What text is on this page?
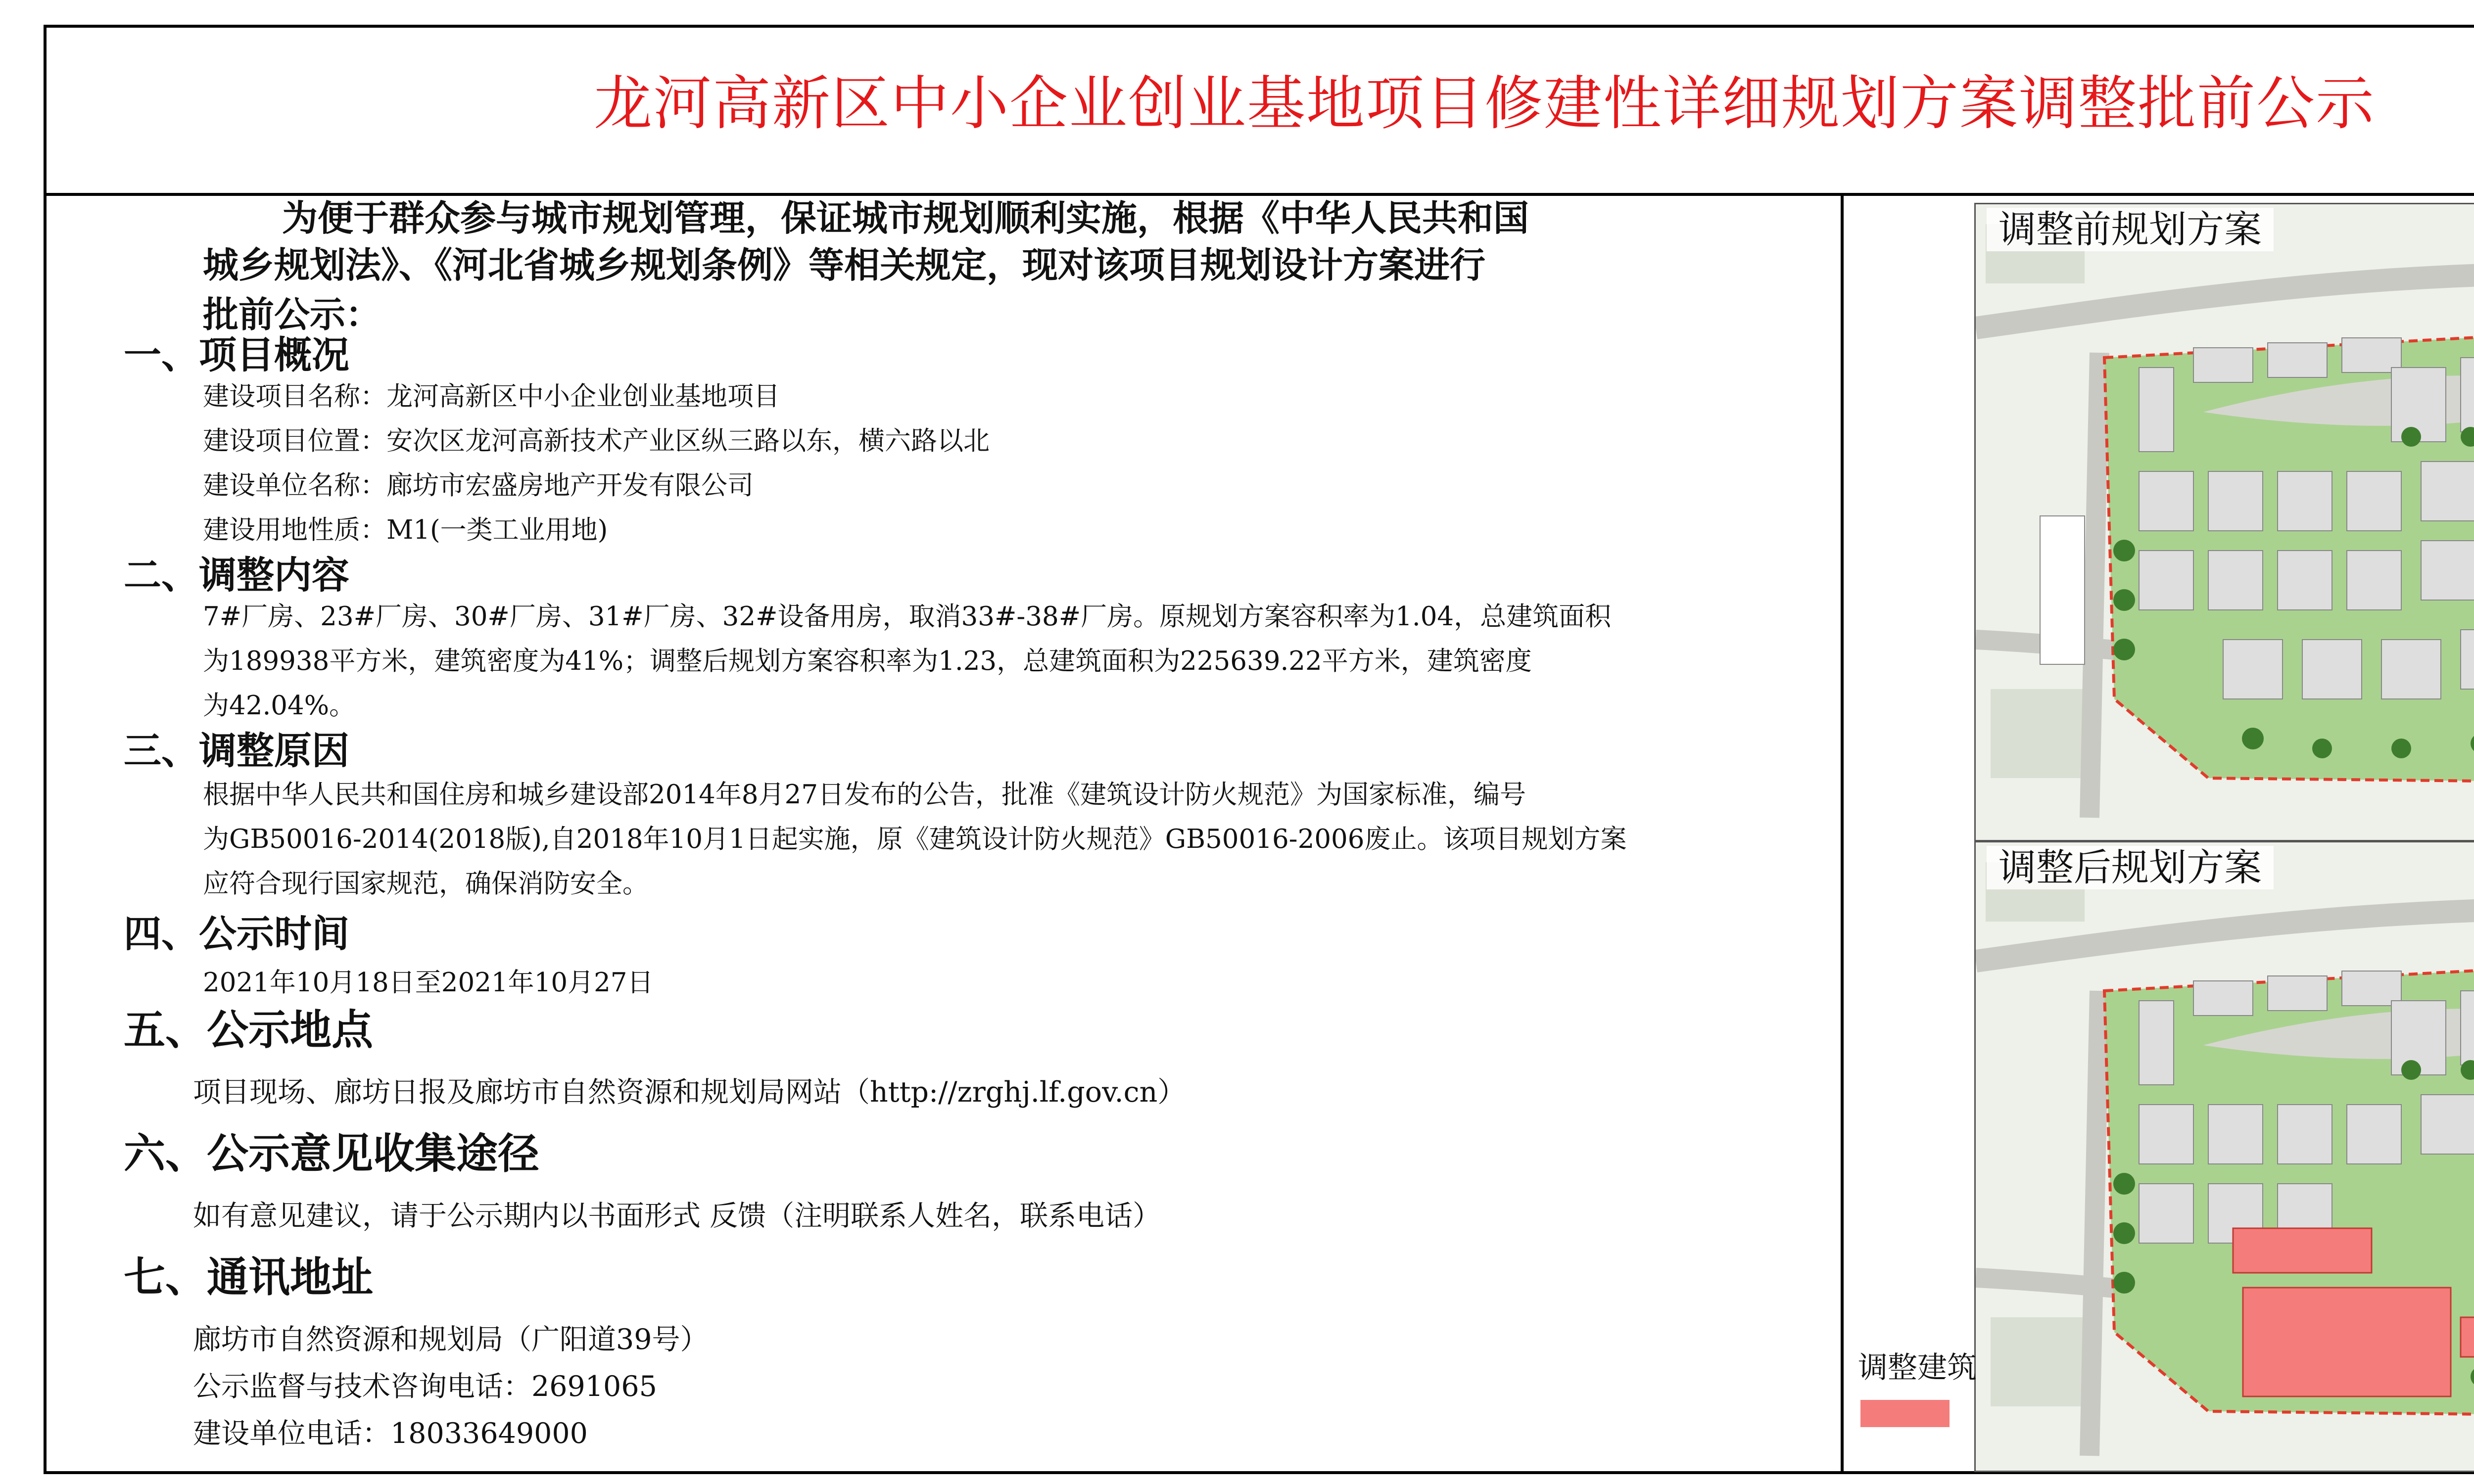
龙河高新区中小企业创业基地项目修建性详细规划方案调整批前公示
为便于群众参与城市规划管理，保证城市规划顺利实施，根据《中华人民共和国
城乡规划法》、《河北省城乡规划条例》等相关规定，现对该项目规划设计方案进行
批前公示：
一、项目概况
建设项目名称：龙河高新区中小企业创业基地项目
建设项目位置：安次区龙河高新技术产业区纵三路以东，横六路以北
建设单位名称：廊坊市宏盛房地产开发有限公司
建设用地性质：M1(一类工业用地)
二、调整内容
7#厂房、23#厂房、30#厂房、31#厂房、32#设备用房，取消33#-38#厂房。原规划方案容积率为1.04，总建筑面积
为189938平方米，建筑密度为41%；调整后规划方案容积率为1.23，总建筑面积为225639.22平方米，建筑密度
为42.04%。
三、调整原因
根据中华人民共和国住房和城乡建设部2014年8月27日发布的公告，批准《建筑设计防火规范》为国家标准，编号
为GB50016-2014(2018版),自2018年10月1日起实施，原《建筑设计防火规范》GB50016-2006废止。该项目规划方案
应符合现行国家规范，确保消防安全。
四、公示时间
2021年10月18日至2021年10月27日
五、公示地点
项目现场、廊坊日报及廊坊市自然资源和规划局网站（http://zrghj.lf.gov.cn）
六、公示意见收集途径
如有意见建议，请于公示期内以书面形式 反馈（注明联系人姓名，联系电话）
七、通讯地址
廊坊市自然资源和规划局（广阳道39号）
公示监督与技术咨询电话：2691065
建设单位电话：18033649000
调整前规划方案
调整后规划方案
调整建筑
